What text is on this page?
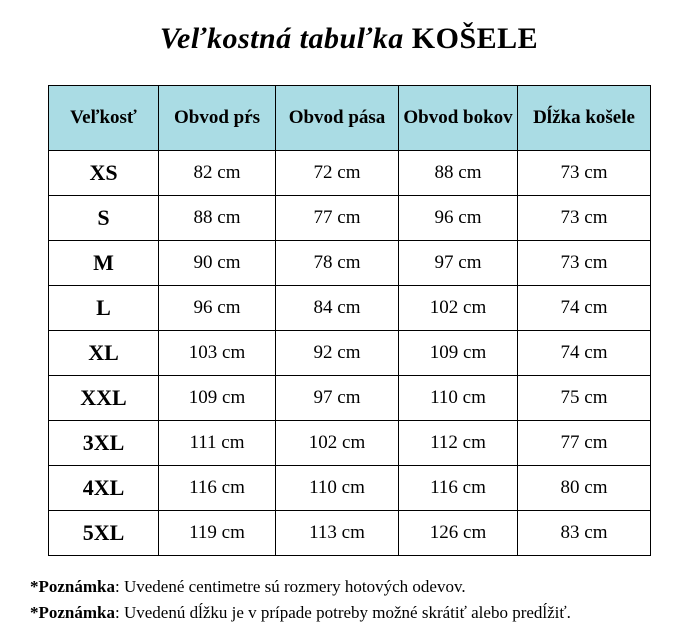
Veľkostná tabuľka KOŠELE
Veľkosť	Obvod pŕs	Obvod pása	Obvod bokov	Dĺžka košele
XS	82 cm	72 cm	88 cm	73 cm
S	88 cm	77 cm	96 cm	73 cm
M	90 cm	78 cm	97 cm	73 cm
L	96 cm	84 cm	102 cm	74 cm
XL	103 cm	92 cm	109 cm	74 cm
XXL	109 cm	97 cm	110 cm	75 cm
3XL	111 cm	102 cm	112 cm	77 cm
4XL	116 cm	110 cm	116 cm	80 cm
5XL	119 cm	113 cm	126 cm	83 cm
*Poznámka: Uvedené centimetre sú rozmery hotových odevov.
*Poznámka: Uvedenú dĺžku je v prípade potreby možné skrátiť alebo predĺžiť.
